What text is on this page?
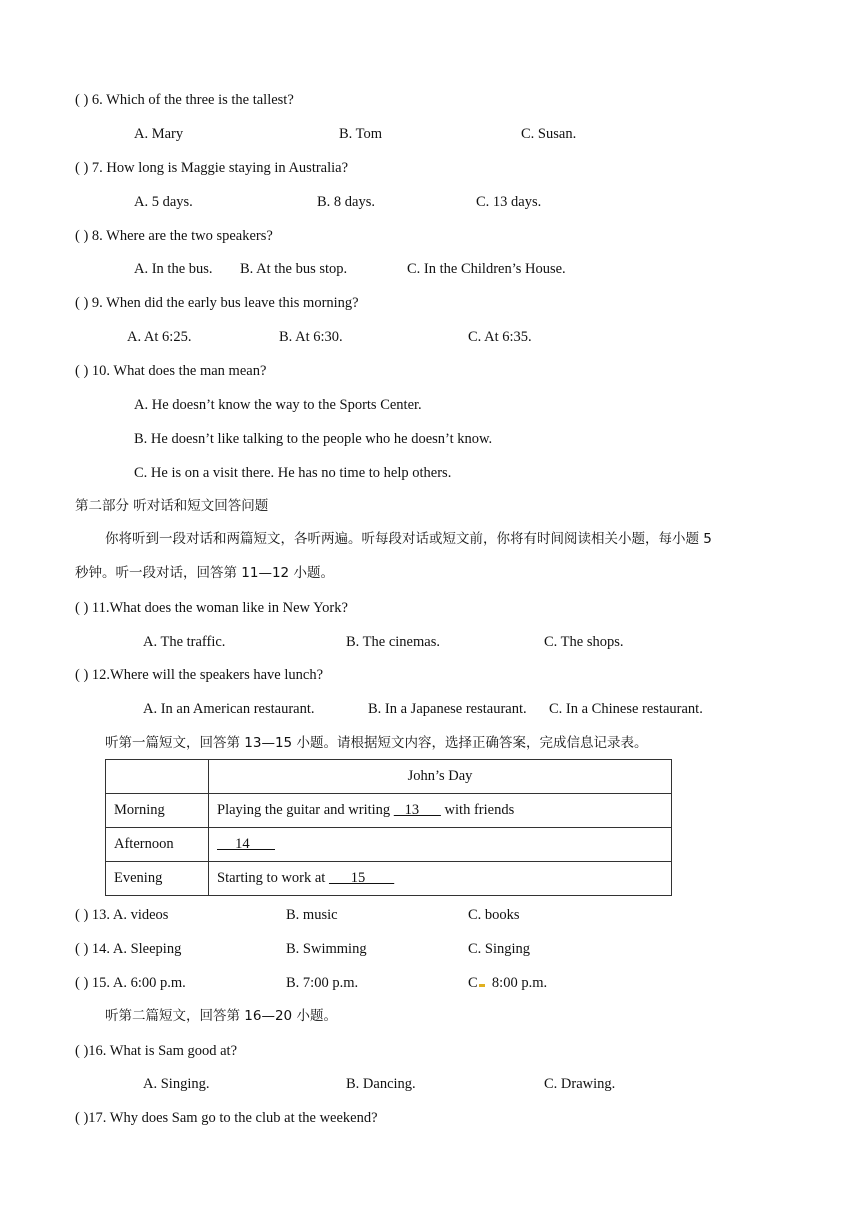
( ) 6. Which of the three is the tallest?
A. Mary	B. Tom	C. Susan.
( ) 7. How long is Maggie staying in Australia?
A. 5 days.	B. 8 days.	C. 13 days.
( ) 8. Where are the two speakers?
A. In the bus. B. At the bus stop.	C. In the Children’s House.
( ) 9. When did the early bus leave this morning?
A. At 6:25.	B. At 6:30.	C. At 6:35.
( ) 10. What does the man mean?
A. He doesn’t know the way to the Sports Center.
B. He doesn’t like talking to the people who he doesn’t know.
C. He is on a visit there. He has no time to help others.
第二部分 听对话和短文回答问题
你将听到一段对话和两篇短文，各听两遍。听每段对话或短文前，你将有时间阅读相关小题，每小题 5
秒钟。听一段对话，回答第 11—12 小题。
( ) 11.What does the woman like in New York?
A. The traffic.	B. The cinemas.	C. The shops.
( ) 12.Where will the speakers have lunch?
A. In an American restaurant.	B. In a Japanese restaurant. C. In a Chinese restaurant.
听第一篇短文，回答第 13—15 小题。请根据短文内容，选择正确答案，完成信息记录表。
	John’s Day
Morning	Playing the guitar and writing    13       with friends
Afternoon	14
Evening	Starting to work at       15
( ) 13. A. videos	B. music	C. books
( ) 14. A. Sleeping	B. Swimming	C. Singing
( ) 15. A. 6:00 p.m.	B. 7:00 p.m.	C  8:00 p.m.
听第二篇短文，回答第 16—20 小题。
( )16. What is Sam good at?
A. Singing.	B. Dancing.	C. Drawing.
( )17. Why does Sam go to the club at the weekend?
